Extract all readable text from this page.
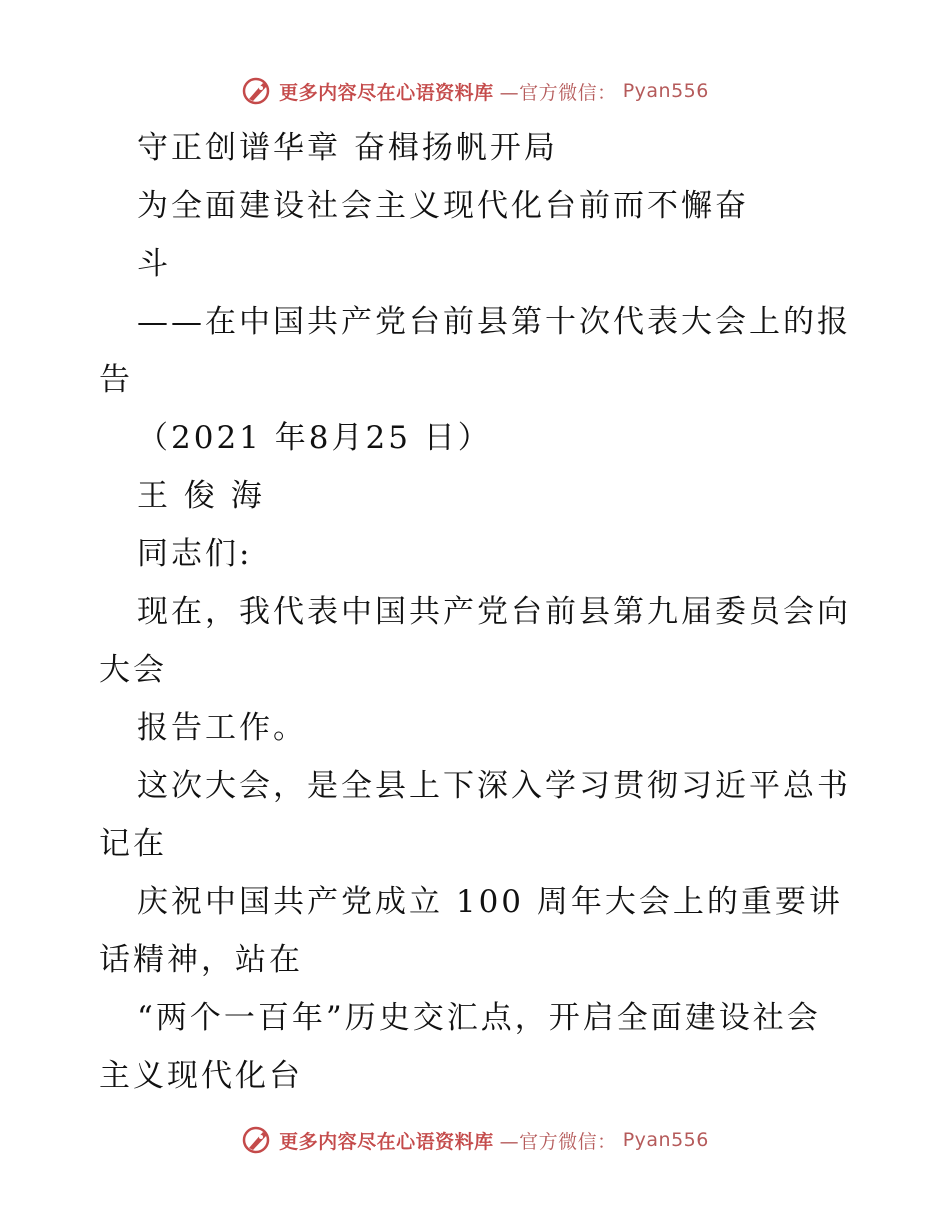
更多内容尽在心语资料库 —官方微信： Pyan556
守正创谱华章 奋楫扬帆开局
为全面建设社会主义现代化台前而不懈奋
斗
——在中国共产党台前县第十次代表大会上的报
告
（2021 年8月25 日）
王 俊 海
同志们:
现在，我代表中国共产党台前县第九届委员会向
大会
报告工作。
这次大会，是全县上下深入学习贯彻习近平总书
记在
庆祝中国共产党成立 100 周年大会上的重要讲
话精神，站在
“两个一百年”历史交汇点，开启全面建设社会
主义现代化台
更多内容尽在心语资料库 —官方微信： Pyan556
